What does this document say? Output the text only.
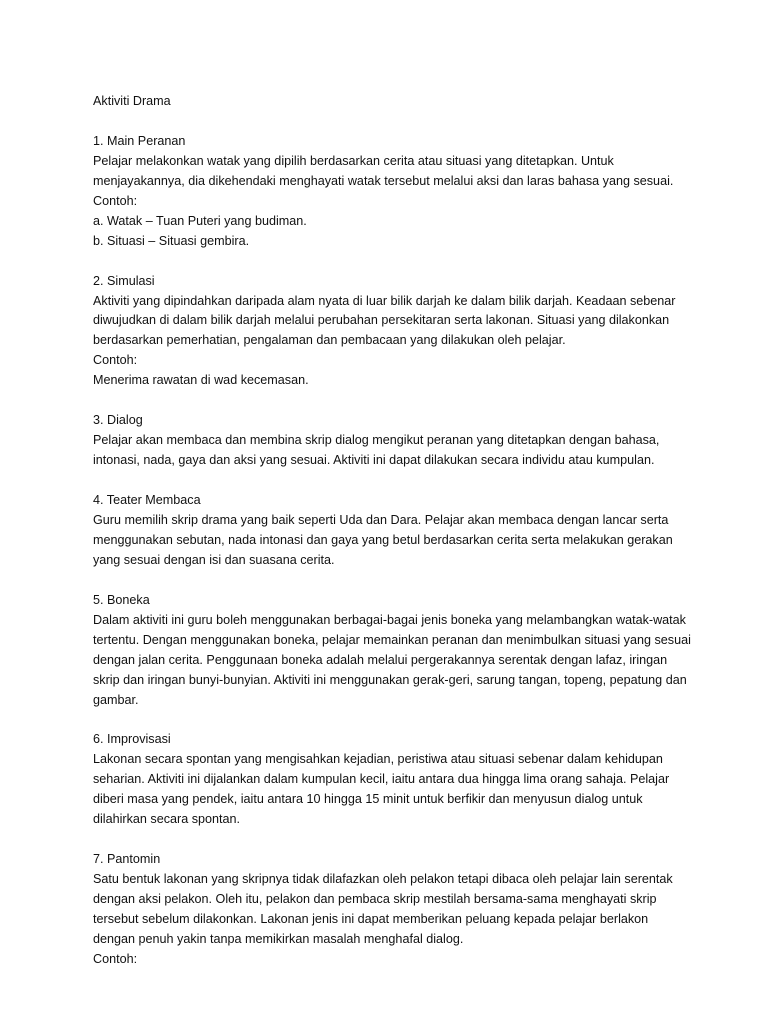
Aktiviti Drama

1. Main Peranan

Pelajar melakonkan watak yang dipilih berdasarkan cerita atau situasi yang ditetapkan. Untuk menjayakannya, dia dikehendaki menghayati watak tersebut melalui aksi dan laras bahasa yang sesuai.

Contoh:

a. Watak – Tuan Puteri yang budiman.

b. Situasi – Situasi gembira.

2. Simulasi

Aktiviti yang dipindahkan daripada alam nyata di luar bilik darjah ke dalam bilik darjah. Keadaan sebenar diwujudkan di dalam bilik darjah melalui perubahan persekitaran serta lakonan. Situasi yang dilakonkan berdasarkan pemerhatian, pengalaman dan pembacaan yang dilakukan oleh pelajar.

Contoh:

Menerima rawatan di wad kecemasan.

3. Dialog

Pelajar akan membaca dan membina skrip dialog mengikut peranan yang ditetapkan dengan bahasa, intonasi, nada, gaya dan aksi yang sesuai. Aktiviti ini dapat dilakukan secara individu atau kumpulan.

4. Teater Membaca

Guru memilih skrip drama yang baik seperti Uda dan Dara. Pelajar akan membaca dengan lancar serta menggunakan sebutan, nada intonasi dan gaya yang betul berdasarkan cerita serta melakukan gerakan yang sesuai dengan isi dan suasana cerita.

5. Boneka

Dalam aktiviti ini guru boleh menggunakan berbagai-bagai jenis boneka yang melambangkan watak-watak tertentu. Dengan menggunakan boneka, pelajar memainkan peranan dan menimbulkan situasi yang sesuai dengan jalan cerita. Penggunaan boneka adalah melalui pergerakannya serentak dengan lafaz, iringan skrip dan iringan bunyi-bunyian. Aktiviti ini menggunakan gerak-geri, sarung tangan, topeng, pepatung dan gambar.

6. Improvisasi

Lakonan secara spontan yang mengisahkan kejadian, peristiwa atau situasi sebenar dalam kehidupan seharian. Aktiviti ini dijalankan dalam kumpulan kecil, iaitu antara dua hingga lima orang sahaja. Pelajar diberi masa yang pendek, iaitu antara 10 hingga 15 minit untuk berfikir dan menyusun dialog untuk dilahirkan secara spontan.

7. Pantomin

Satu bentuk lakonan yang skripnya tidak dilafazkan oleh pelakon tetapi dibaca oleh pelajar lain serentak dengan aksi pelakon. Oleh itu, pelakon dan pembaca skrip mestilah bersama-sama menghayati skrip tersebut sebelum dilakonkan. Lakonan jenis ini dapat memberikan peluang kepada pelajar berlakon dengan penuh yakin tanpa memikirkan masalah menghafal dialog.

Contoh:
